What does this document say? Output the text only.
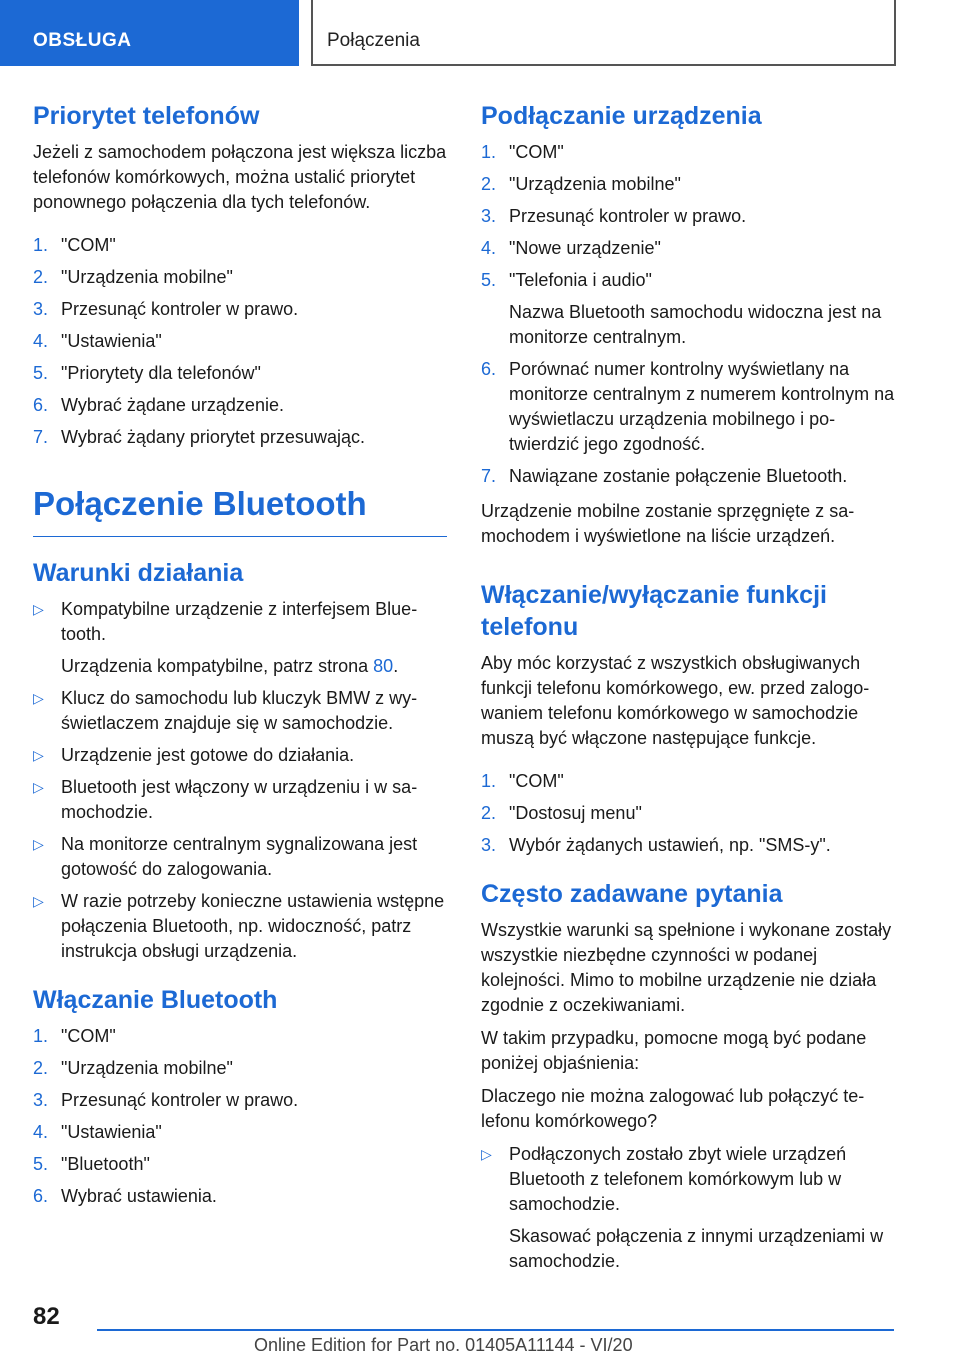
OBSŁUGA	Połączenia
Priorytet telefonów

Jeżeli z samochodem połączona jest większa liczba telefonów komórkowych, można ustalić priorytet ponownego połączenia dla tych telefonów.

1. "COM"
2. "Urządzenia mobilne"
3. Przesunąć kontroler w prawo.
4. "Ustawienia"
5. "Priorytety dla telefonów"
6. Wybrać żądane urządzenie.
7. Wybrać żądany priorytet przesuwając.
Połączenie Bluetooth
Warunki działania
▷ Kompatybilne urządzenie z interfejsem Bluetooth.
Urządzenia kompatybilne, patrz strona 80.
▷ Klucz do samochodu lub kluczyk BMW z wyświetlaczem znajduje się w samochodzie.
▷ Urządzenie jest gotowe do działania.
▷ Bluetooth jest włączony w urządzeniu i w samochodzie.
▷ Na monitorze centralnym sygnalizowana jest gotowość do zalogowania.
▷ W razie potrzeby konieczne ustawienia wstępne połączenia Bluetooth, np. widoczność, patrz instrukcja obsługi urządzenia.
Włączanie Bluetooth
1. "COM"
2. "Urządzenia mobilne"
3. Przesunąć kontroler w prawo.
4. "Ustawienia"
5. "Bluetooth"
6. Wybrać ustawienia.
Podłączanie urządzenia
1. "COM"
2. "Urządzenia mobilne"
3. Przesunąć kontroler w prawo.
4. "Nowe urządzenie"
5. "Telefonia i audio"
Nazwa Bluetooth samochodu widoczna jest na monitorze centralnym.
6. Porównać numer kontrolny wyświetlany na monitorze centralnym z numerem kontrolnym na wyświetlaczu urządzenia mobilnego i potwierdzić jego zgodność.
7. Nawiązane zostanie połączenie Bluetooth.

Urządzenie mobilne zostanie sprzęgnięte z samochodem i wyświetlone na liście urządzeń.

Włączanie/wyłączanie funkcji telefonu

Aby móc korzystać z wszystkich obsługiwanych funkcji telefonu komórkowego, ew. przed zalogowaniem telefonu komórkowego w samochodzie muszą być włączone następujące funkcje.

1. "COM"
2. "Dostosuj menu"
3. Wybór żądanych ustawień, np. "SMS-y".
Często zadawane pytania

Wszystkie warunki są spełnione i wykonane zostały wszystkie niezbędne czynności w podanej kolejności. Mimo to mobilne urządzenie nie działa zgodnie z oczekiwaniami.

W takim przypadku, pomocne mogą być podane poniżej objaśnienia:

Dlaczego nie można zalogować lub połączyć telefonu komórkowego?

▷ Podłączonych zostało zbyt wiele urządzeń Bluetooth z telefonem komórkowym lub w samochodzie.
Skasować połączenia z innymi urządzeniami w samochodzie.
82
Online Edition for Part no. 01405A11144 - VI/20
